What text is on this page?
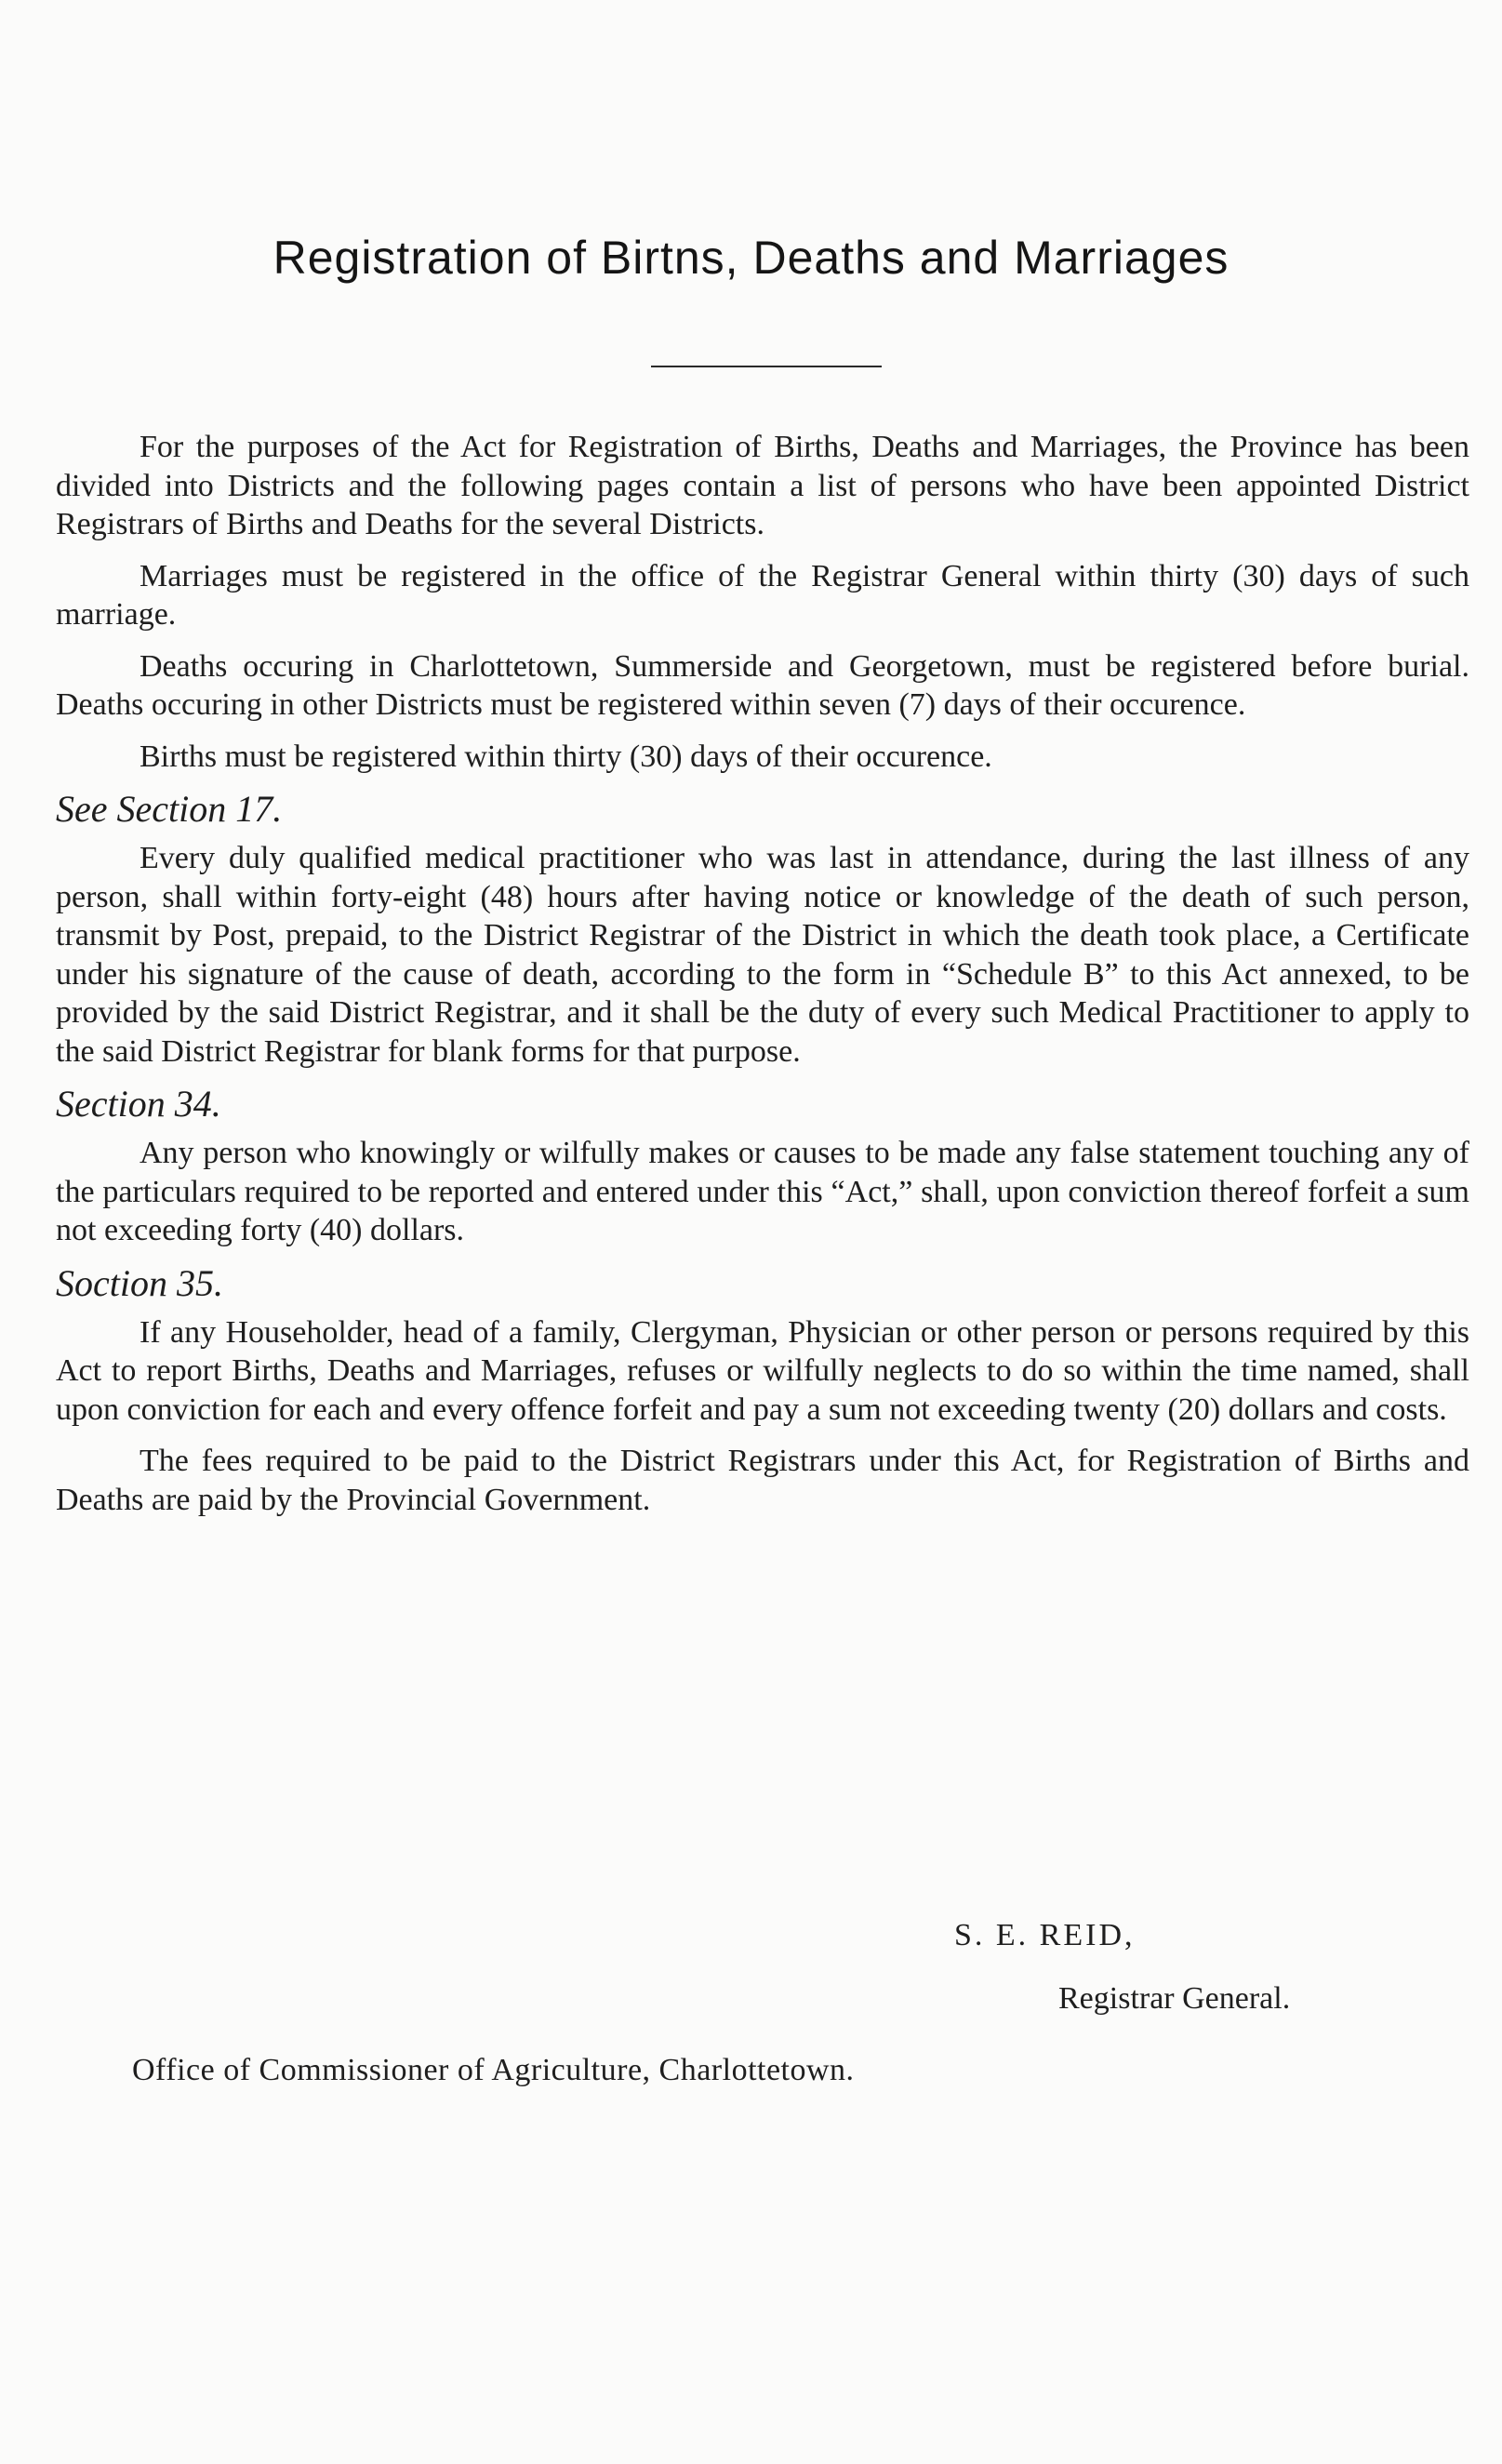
Registration of Birtns, Deaths and Marriages

For the purposes of the Act for Registration of Births, Deaths and Marriages, the Province has been divided into Districts and the following pages contain a list of persons who have been appointed District Registrars of Births and Deaths for the several Districts.

Marriages must be registered in the office of the Registrar General within thirty (30) days of such marriage.

Deaths occuring in Charlottetown, Summerside and Georgetown, must be registered before burial. Deaths occuring in other Districts must be registered within seven (7) days of their occurence.

Births must be registered within thirty (30) days of their occurence.

See Section 17.

Every duly qualified medical practitioner who was last in attendance, during the last illness of any person, shall within forty-eight (48) hours after having notice or knowledge of the death of such person, transmit by Post, prepaid, to the District Registrar of the District in which the death took place, a Certificate under his signature of the cause of death, according to the form in “Schedule B” to this Act annexed, to be provided by the said District Registrar, and it shall be the duty of every such Medical Practitioner to apply to the said District Registrar for blank forms for that purpose.

Section 34.

Any person who knowingly or wilfully makes or causes to be made any false statement touching any of the particulars required to be reported and entered under this “Act,” shall, upon conviction thereof forfeit a sum not exceeding forty (40) dollars.

Soction 35.

If any Householder, head of a family, Clergyman, Physician or other person or persons required by this Act to report Births, Deaths and Marriages, refuses or wilfully neglects to do so within the time named, shall upon conviction for each and every offence forfeit and pay a sum not exceeding twenty (20) dollars and costs.

The fees required to be paid to the District Registrars under this Act, for Registration of Births and Deaths are paid by the Provincial Government.

S. E. REID,
Registrar General.
Office of Commissioner of Agriculture, Charlottetown.
